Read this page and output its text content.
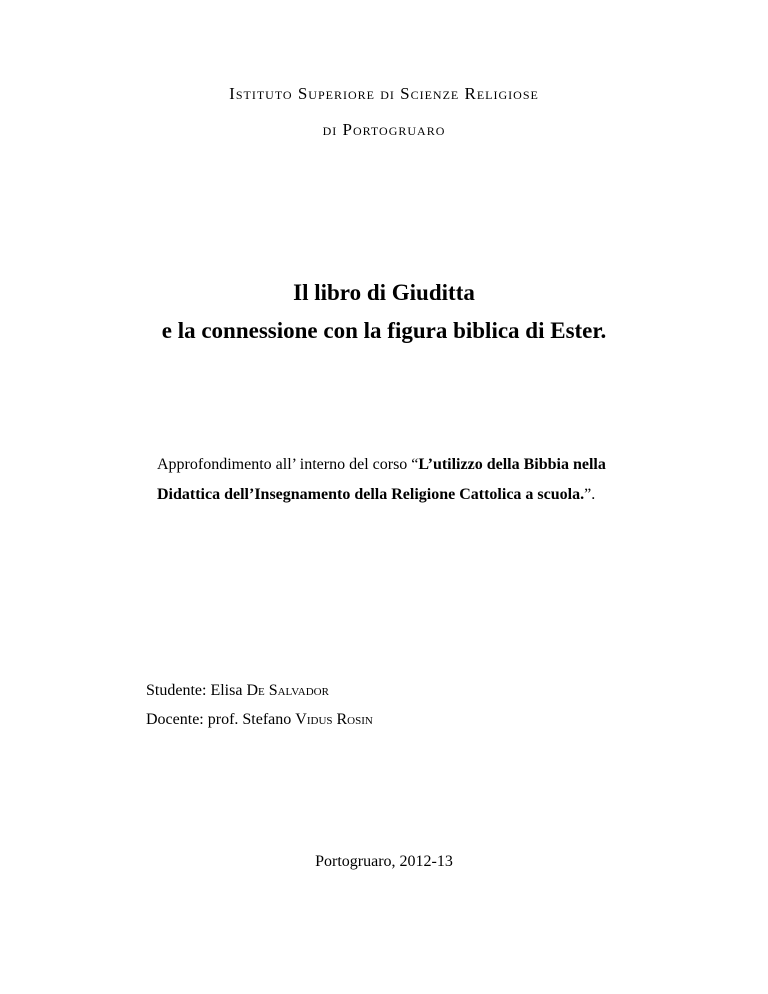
Istituto Superiore di Scienze Religiose
di Portogruaro
Il libro di Giuditta
e la connessione con la figura biblica di Ester.
Approfondimento all’ interno del corso “L’utilizzo della Bibbia nella
Didattica dell’Insegnamento della Religione Cattolica a scuola.”.
Studente: Elisa De Salvador
Docente: prof. Stefano Vidus Rosin
Portogruaro, 2012-13
